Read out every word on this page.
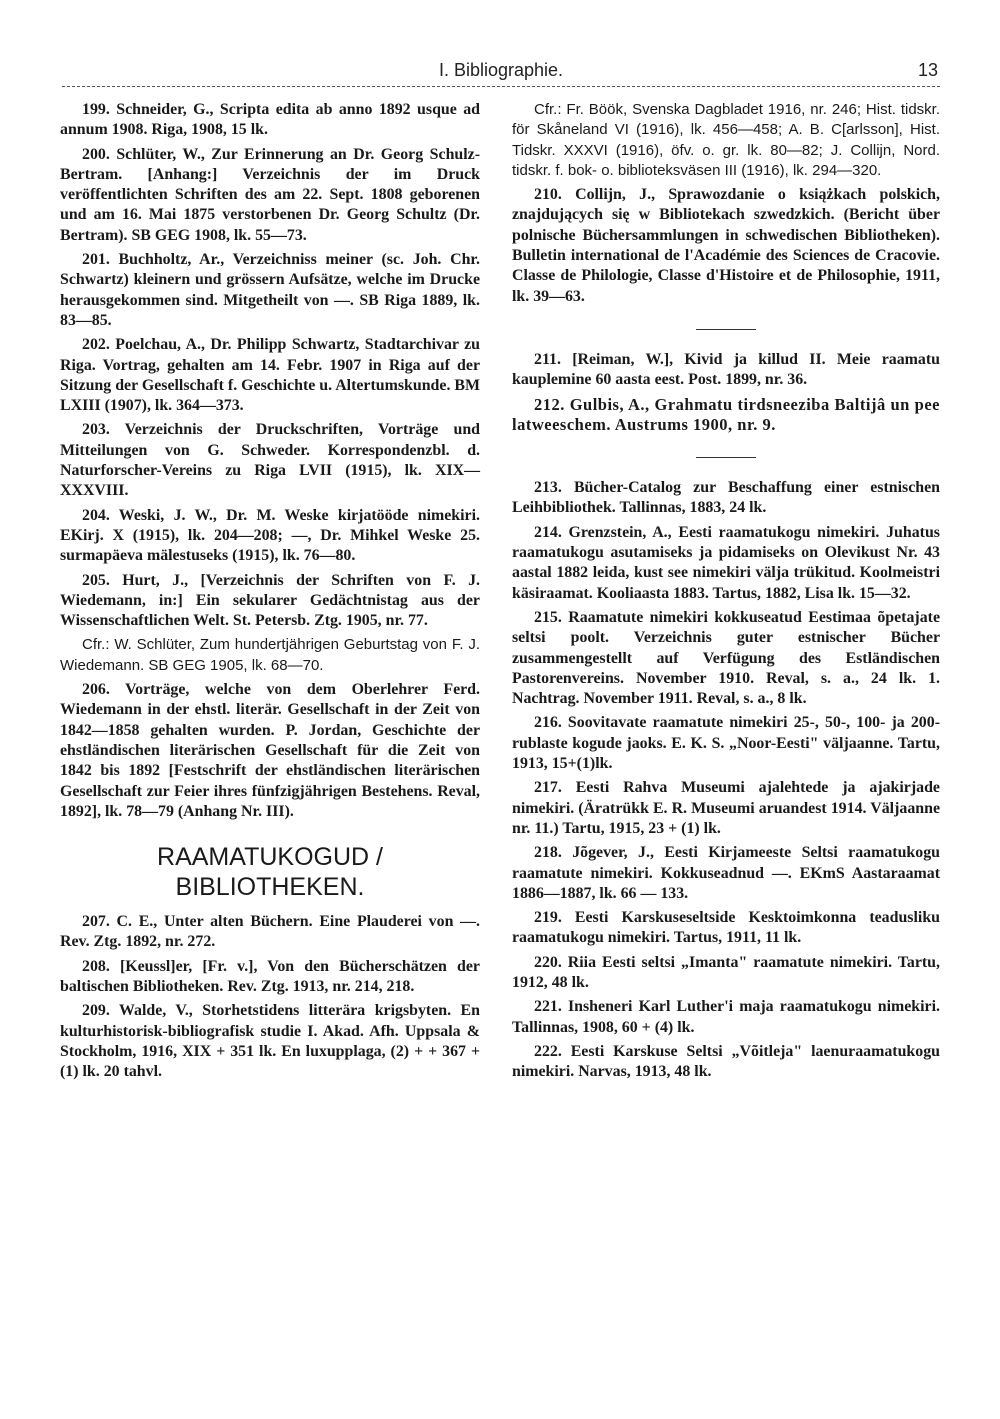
I. Bibliographie.	13

199. Schneider, G., Scripta edita ab anno 1892 usque ad annum 1908. Riga, 1908, 15 lk.

200. Schlüter, W., Zur Erinnerung an Dr. Georg Schulz-Bertram. [Anhang:] Verzeichnis der im Druck veröffentlichten Schriften des am 22. Sept. 1808 geborenen und am 16. Mai 1875 verstorbenen Dr. Georg Schultz (Dr. Bertram). SB GEG 1908, lk. 55—73.

201. Buchholtz, Ar., Verzeichniss meiner (sc. Joh. Chr. Schwartz) kleinern und grössern Aufsätze, welche im Drucke herausgekommen sind. Mitgetheilt von —. SB Riga 1889, lk. 83—85.

202. Poelchau, A., Dr. Philipp Schwartz, Stadtarchivar zu Riga. Vortrag, gehalten am 14. Febr. 1907 in Riga auf der Sitzung der Gesellschaft f. Geschichte u. Altertumskunde. BM LXIII (1907), lk. 364—373.

203. Verzeichnis der Druckschriften, Vorträge und Mitteilungen von G. Schweder. Korrespondenzbl. d. Naturforscher-Vereins zu Riga LVII (1915), lk. XIX—XXXVIII.

204. Weski, J. W., Dr. M. Weske kirjatööde nimekiri. EKirj. X (1915), lk. 204—208; —, Dr. Mihkel Weske 25. surmapäeva mälestuseks (1915), lk. 76—80.

205. Hurt, J., [Verzeichnis der Schriften von F. J. Wiedemann, in:] Ein sekularer Gedächtnistag aus der Wissenschaftlichen Welt. St. Petersb. Ztg. 1905, nr. 77.

Cfr.: W. Schlüter, Zum hundertjährigen Geburtstag von F. J. Wiedemann. SB GEG 1905, lk. 68—70.

206. Vorträge, welche von dem Oberlehrer Ferd. Wiedemann in der ehstl. literär. Gesellschaft in der Zeit von 1842—1858 gehalten wurden. P. Jordan, Geschichte der ehstländischen literärischen Gesellschaft für die Zeit von 1842 bis 1892 [Festschrift der ehstländischen literärischen Gesellschaft zur Feier ihres fünfzigjährigen Bestehens. Reval, 1892], lk. 78—79 (Anhang Nr. III).

RAAMATUKOGUD / BIBLIOTHEKEN.

207. C. E., Unter alten Büchern. Eine Plauderei von —. Rev. Ztg. 1892, nr. 272.

208. [Keussl]er, [Fr. v.], Von den Bücherschätzen der baltischen Bibliotheken. Rev. Ztg. 1913, nr. 214, 218.

209. Walde, V., Storhetstidens litterära krigsbyten. En kulturhistorisk-bibliografisk studie I. Akad. Afh. Uppsala & Stockholm, 1916, XIX + 351 lk. En luxupplaga, (2) + + 367 + (1) lk. 20 tahvl.

Cfr.: Fr. Böök, Svenska Dagbladet 1916, nr. 246; Hist. tidskr. för Skåneland VI (1916), lk. 456—458; A. B. C[arlsson], Hist. Tidskr. XXXVI (1916), öfv. o. gr. lk. 80—82; J. Collijn, Nord. tidskr. f. bok- o. biblioteksväsen III (1916), lk. 294—320.

210. Collijn, J., Sprawozdanie o książkach polskich, znajdujących się w Bibliotekach szwedzkich. (Bericht über polnische Büchersammlungen in schwedischen Bibliotheken). Bulletin international de l'Académie des Sciences de Cracovie. Classe de Philologie, Classe d'Histoire et de Philosophie, 1911, lk. 39—63.

211. [Reiman, W.], Kivid ja killud II. Meie raamatu kauplemine 60 aasta eest. Post. 1899, nr. 36.

212. Gulbis, A., Grahmatu tirdsneeziba Baltijâ un pee latweeschem. Austrums 1900, nr. 9.

213. Bücher-Catalog zur Beschaffung einer estnischen Leihbibliothek. Tallinnas, 1883, 24 lk.

214. Grenzstein, A., Eesti raamatukogu nimekiri. Juhatus raamatukogu asutamiseks ja pidamiseks on Olevikust Nr. 43 aastal 1882 leida, kust see nimekiri välja trükitud. Koolmeistri käsiraamat. Kooliaasta 1883. Tartus, 1882, Lisa lk. 15—32.

215. Raamatute nimekiri kokkuseatud Eestimaa õpetajate seltsi poolt. Verzeichnis guter estnischer Bücher zusammengestellt auf Verfügung des Estländischen Pastorenvereins. November 1910. Reval, s. a., 24 lk. 1. Nachtrag. November 1911. Reval, s. a., 8 lk.

216. Soovitavate raamatute nimekiri 25-, 50-, 100- ja 200-rublaste kogude jaoks. E. K. S. „Noor-Eesti" väljaanne. Tartu, 1913, 15+(1)lk.

217. Eesti Rahva Museumi ajalehtede ja ajakirjade nimekiri. (Äratrükk E. R. Museumi aruandest 1914. Väljaanne nr. 11.) Tartu, 1915, 23 + (1) lk.

218. Jõgever, J., Eesti Kirjameeste Seltsi raamatukogu raamatute nimekiri. Kokkuseadnud —. EKmS Aastaraamat 1886—1887, lk. 66 — 133.

219. Eesti Karskuseseltside Kesktoimkonna teadusliku raamatukogu nimekiri. Tartus, 1911, 11 lk.

220. Riia Eesti seltsi „Imanta" raamatute nimekiri. Tartu, 1912, 48 lk.

221. Insheneri Karl Luther'i maja raamatukogu nimekiri. Tallinnas, 1908, 60 + (4) lk.

222. Eesti Karskuse Seltsi „Võitleja" laenuraamatukogu nimekiri. Narvas, 1913, 48 lk.
